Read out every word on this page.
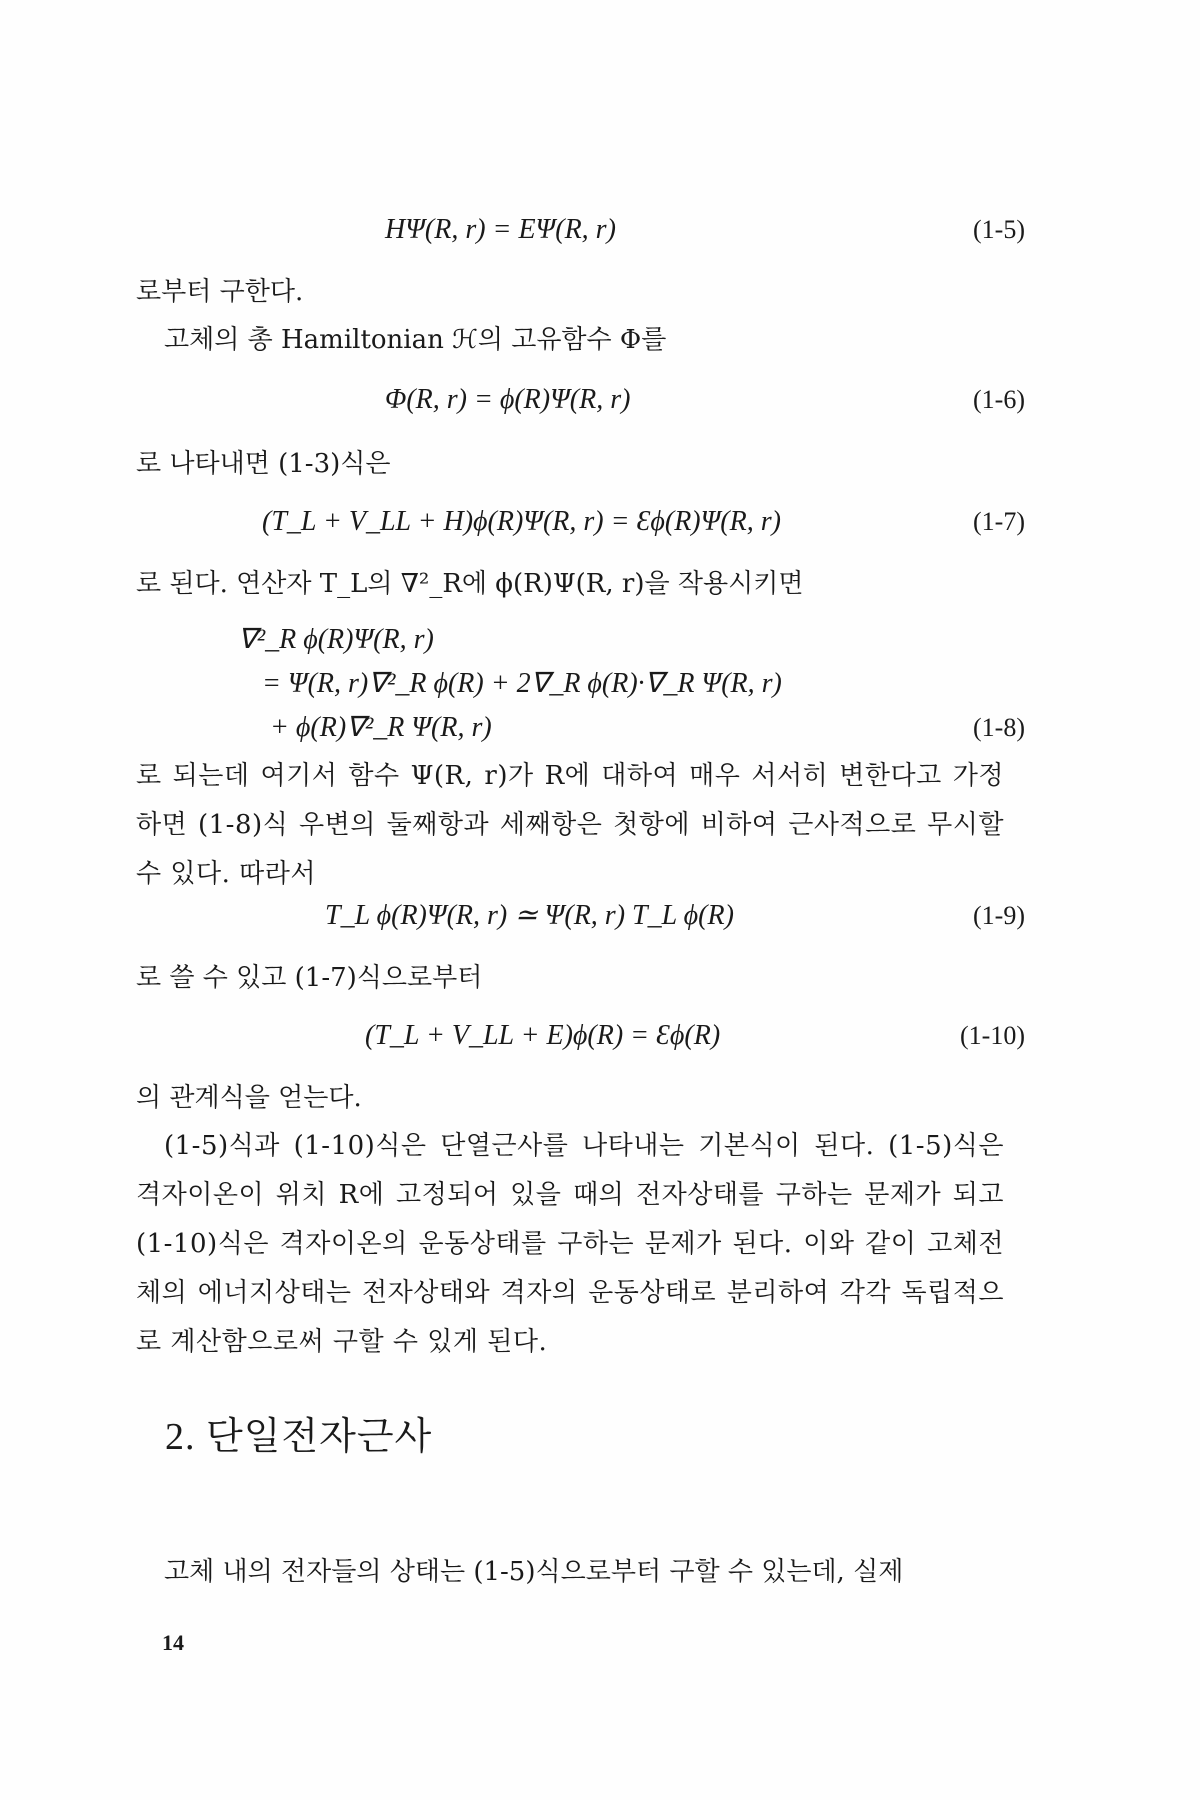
HΨ(R, r) = EΨ(R, r)	(1-5)
로부터 구한다.
고체의 총 Hamiltonian ℋ의 고유함수 Φ를
Φ(R, r) = ϕ(R)Ψ(R, r)	(1-6)
로 나타내면 (1-3)식은
(T_L + V_LL + H)ϕ(R)Ψ(R, r) = Ɛϕ(R)Ψ(R, r)	(1-7)
로 된다. 연산자 T_L의 ∇²_R에 ϕ(R)Ψ(R, r)을 작용시키면
∇²_R ϕ(R)Ψ(R, r)
= Ψ(R, r)∇²_R ϕ(R) + 2∇_R ϕ(R)·∇_R Ψ(R, r)
+ ϕ(R)∇²_R Ψ(R, r)	(1-8)
로 되는데 여기서 함수 Ψ(R, r)가 R에 대하여 매우 서서히 변한다고 가정하면 (1-8)식 우변의 둘째항과 세째항은 첫항에 비하여 근사적으로 무시할 수 있다. 따라서
T_L ϕ(R)Ψ(R, r) ≃ Ψ(R, r) T_L ϕ(R)	(1-9)
로 쓸 수 있고 (1-7)식으로부터
(T_L + V_LL + E)ϕ(R) = Ɛϕ(R)	(1-10)
의 관계식을 얻는다.
(1-5)식과 (1-10)식은 단열근사를 나타내는 기본식이 된다. (1-5)식은 격자이온이 위치 R에 고정되어 있을 때의 전자상태를 구하는 문제가 되고 (1-10)식은 격자이온의 운동상태를 구하는 문제가 된다. 이와 같이 고체전체의 에너지상태는 전자상태와 격자의 운동상태로 분리하여 각각 독립적으로 계산함으로써 구할 수 있게 된다.
2. 단일전자근사
고체 내의 전자들의 상태는 (1-5)식으로부터 구할 수 있는데, 실제
14
